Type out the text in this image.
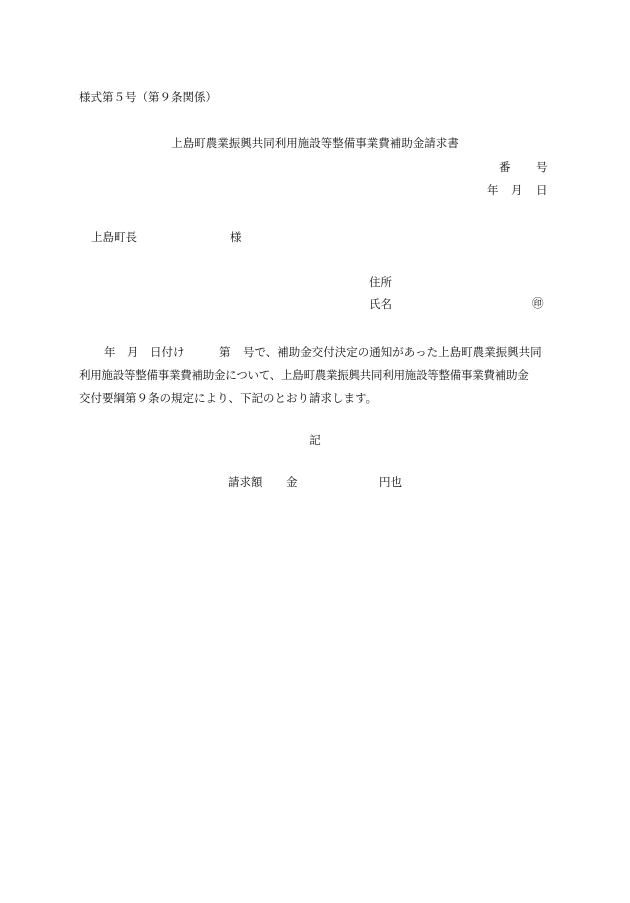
様式第５号（第９条関係）
上島町農業振興共同利用施設等整備事業費補助金請求書
番 号
年 月 日
上島町長	様
住所
氏名	㊞
年 月 日付け	第 号で、補助金交付決定の通知があった上島町農業振興共同
利用施設等整備事業費補助金について、上島町農業振興共同利用施設等整備事業費補助金
交付要綱第９条の規定により、下記のとおり請求します。
記
請求額 金	円也
